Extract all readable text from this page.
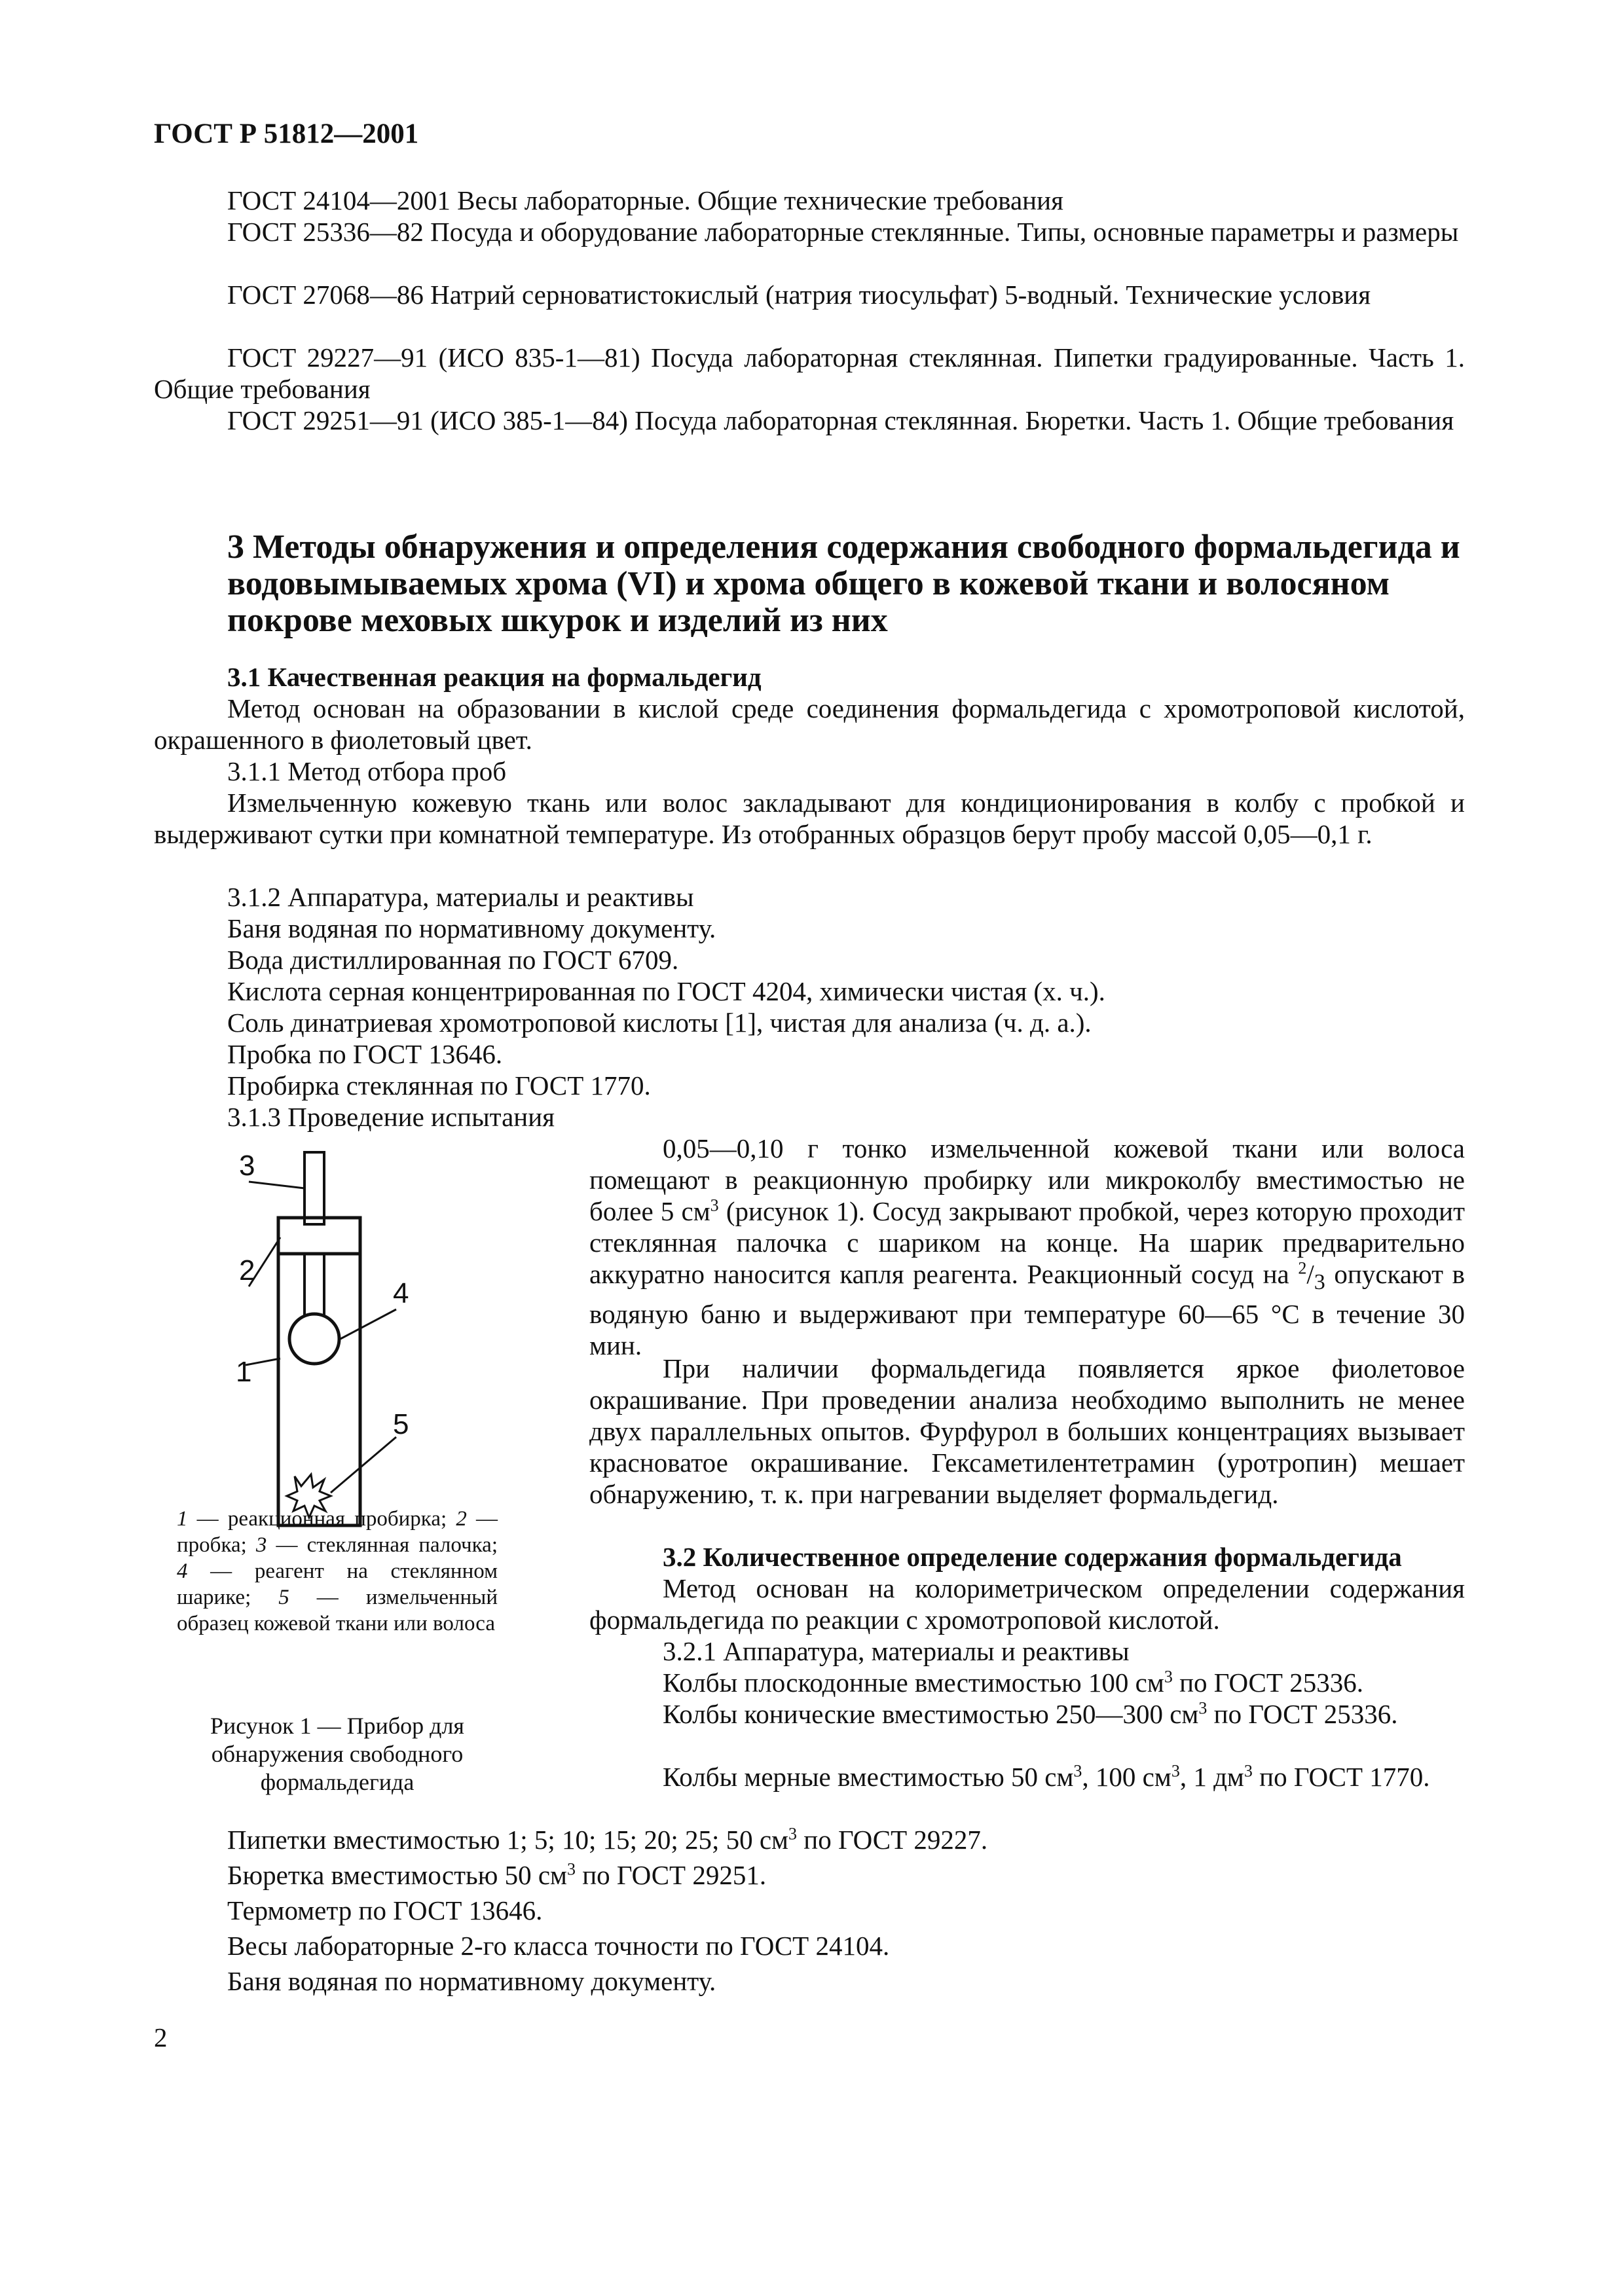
ГОСТ Р 51812—2001

ГОСТ 24104—2001 Весы лабораторные. Общие технические требования

ГОСТ 25336—82 Посуда и оборудование лабораторные стеклянные. Типы, основные параметры и размеры

ГОСТ 27068—86 Натрий серноватистокислый (натрия тиосульфат) 5-водный. Технические условия

ГОСТ 29227—91 (ИСО 835-1—81) Посуда лабораторная стеклянная. Пипетки градуированные. Часть 1. Общие требования

ГОСТ 29251—91 (ИСО 385-1—84) Посуда лабораторная стеклянная. Бюретки. Часть 1. Общие требования

3 Методы обнаружения и определения содержания свободного формальдегида и водовымываемых хрома (VI) и хрома общего в кожевой ткани и волосяном покрове меховых шкурок и изделий из них

3.1 Качественная реакция на формальдегид

Метод основан на образовании в кислой среде соединения формальдегида с хромотроповой кислотой, окрашенного в фиолетовый цвет.

3.1.1 Метод отбора проб

Измельченную кожевую ткань или волос закладывают для кондиционирования в колбу с пробкой и выдерживают сутки при комнатной температуре. Из отобранных образцов берут пробу массой 0,05—0,1 г.

3.1.2 Аппаратура, материалы и реактивы

Баня водяная по нормативному документу.

Вода дистиллированная по ГОСТ 6709.

Кислота серная концентрированная по ГОСТ 4204, химически чистая (х. ч.).

Соль динатриевая хромотроповой кислоты [1], чистая для анализа (ч. д. а.).

Пробка по ГОСТ 13646.

Пробирка стеклянная по ГОСТ 1770.

3.1.3 Проведение испытания

3
2
1
4
5

1 — реакционная пробирка; 2 — пробка; 3 — стеклянная палочка; 4 — реагент на стеклянном шарике; 5 — измельченный образец кожевой ткани или волоса

Рисунок 1 — Прибор для обнаружения свободного формальдегида

0,05—0,10 г тонко измельченной кожевой ткани или волоса помещают в реакционную пробирку или микроколбу вместимостью не более 5 $см^3$ (рисунок 1). Сосуд закрывают пробкой, через которую проходит стеклянная палочка с шариком на конце. На шарик предварительно аккуратно наносится капля реагента. Реакционный сосуд на $^2/_3$ опускают в водяную баню и выдерживают при температуре 60—65 °С в течение 30 мин.

При наличии формальдегида появляется яркое фиолетовое окрашивание. При проведении анализа необходимо выполнить не менее двух параллельных опытов. Фурфурол в больших концентрациях вызывает красноватое окрашивание. Гексаметилентетрамин (уротропин) мешает обнаружению, т. к. при нагревании выделяет формальдегид.

3.2 Количественное определение содержания формальдегида

Метод основан на колориметрическом определении содержания формальдегида по реакции с хромотроповой кислотой.

3.2.1 Аппаратура, материалы и реактивы

Колбы плоскодонные вместимостью 100 $см^3$ по ГОСТ 25336.

Колбы конические вместимостью 250—300 $см^3$ по ГОСТ 25336.

Колбы мерные вместимостью 50 $см^3$, 100 $см^3$, 1 $дм^3$ по ГОСТ 1770.

Пипетки вместимостью 1; 5; 10; 15; 20; 25; 50 $см^3$ по ГОСТ 29227.

Бюретка вместимостью 50 $см^3$ по ГОСТ 29251.

Термометр по ГОСТ 13646.

Весы лабораторные 2-го класса точности по ГОСТ 24104.

Баня водяная по нормативному документу.

2
